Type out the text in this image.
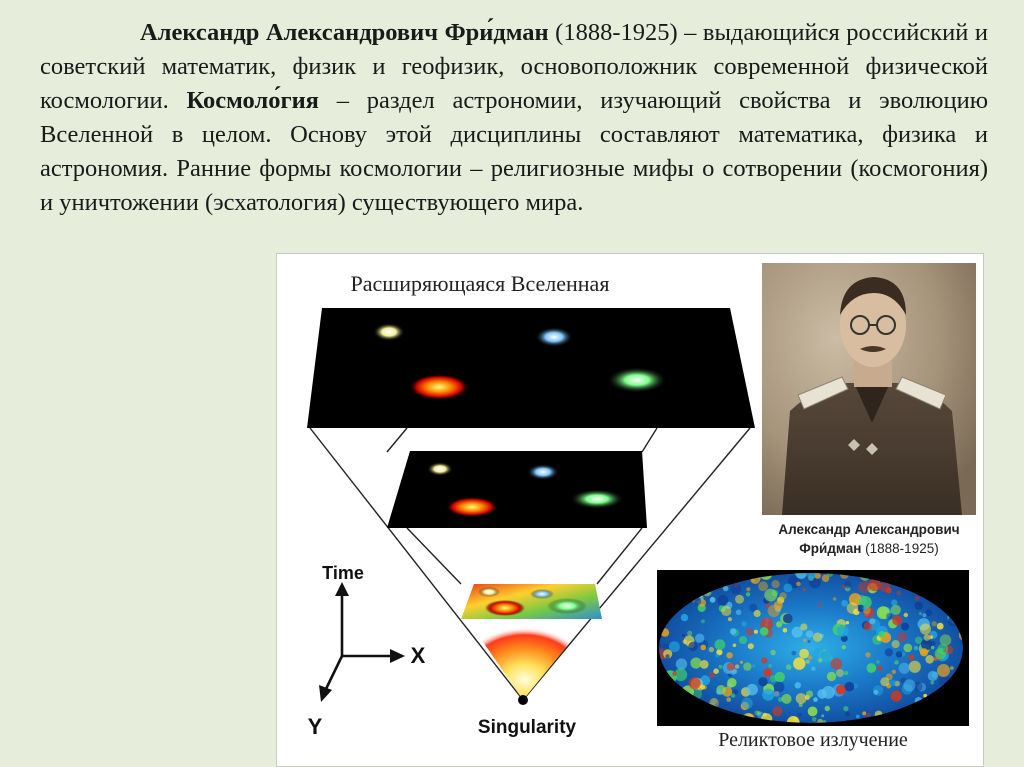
Александр Александрович Фри́дман (1888-1925) – выдающийся российский и советский математик, физик и геофизик, основоположник современной физической космологии. Космоло́гия – раздел астрономии, изучающий свойства и эволюцию Вселенной в целом. Основу этой дисциплины составляют математика, физика и астрономия. Ранние формы космологии – религиозные мифы о сотворении (космогония) и уничтожении (эсхатология) существующего мира.
Расширяющаяся Вселенная
Singularity
Time
X
Y
Александр Александрович
Фри́дман (1888-1925)
Реликтовое излучение
